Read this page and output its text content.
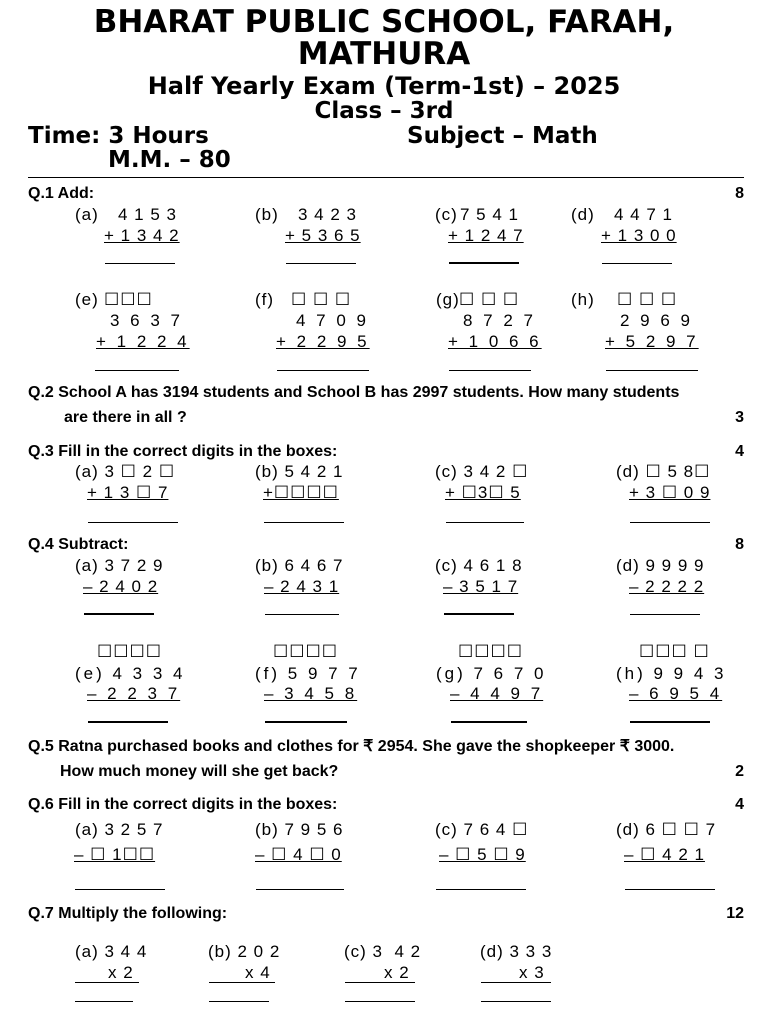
BHARAT PUBLIC SCHOOL, FARAH,
MATHURA
Half Yearly Exam (Term-1st) – 2025
Class – 3rd
Time: 3 Hours	Subject – Math
M.M. – 80
Q.1 Add:	8
(a) 4 1 5 3
+ 1 3 4 2
(b) 3 4 2 3
+ 5 3 6 5
(c) 7 5 4 1
+ 1 2 4 7
(d) 4 4 7 1
+ 1 3 0 0
(e) ☐☐☐
3 6 3 7
+ 1 2 2 4
(f) ☐ ☐ ☐
4 7 0 9
+ 2 2 9 5
(g) ☐ ☐ ☐
8 7 2 7
+ 1 0 6 6
(h) ☐ ☐ ☐
2 9 6 9
+ 5 2 9 7
Q.2 School A has 3194 students and School B has 2997 students. How many students
are there in all ?	3
Q.3 Fill in the correct digits in the boxes:	4
(a) 3 ☐ 2 ☐
+ 1 3 ☐ 7
(b) 5 4 2 1
+☐☐☐☐
(c) 3 4 2 ☐
+ ☐3☐ 5
(d) ☐ 5 8☐
+ 3 ☐ 0 9
Q.4 Subtract:	8
(a) 3 7 2 9
– 2 4 0 2
(b) 6 4 6 7
– 2 4 3 1
(c) 4 6 1 8
– 3 5 1 7
(d) 9 9 9 9
– 2 2 2 2
☐☐☐☐
(e) 4 3 3 4
– 2 2 3 7
☐☐☐☐
(f) 5 9 7 7
– 3 4 5 8
☐☐☐☐
(g) 7 6 7 0
– 4 4 9 7
☐☐☐ ☐
(h) 9 9 4 3
– 6 9 5 4
Q.5 Ratna purchased books and clothes for ₹ 2954. She gave the shopkeeper ₹ 3000.
How much money will she get back?	2
Q.6 Fill in the correct digits in the boxes:	4
(a) 3 2 5 7
– ☐ 1☐☐
(b) 7 9 5 6
– ☐ 4 ☐ 0
(c) 7 6 4 ☐
– ☐ 5 ☐ 9
(d) 6 ☐ ☐ 7
– ☐ 4 2 1
Q.7 Multiply the following:	12
(a) 3 4 4
x 2
(b) 2 0 2
x 4
(c) 3  4 2
x 2
(d) 3 3 3
x 3
